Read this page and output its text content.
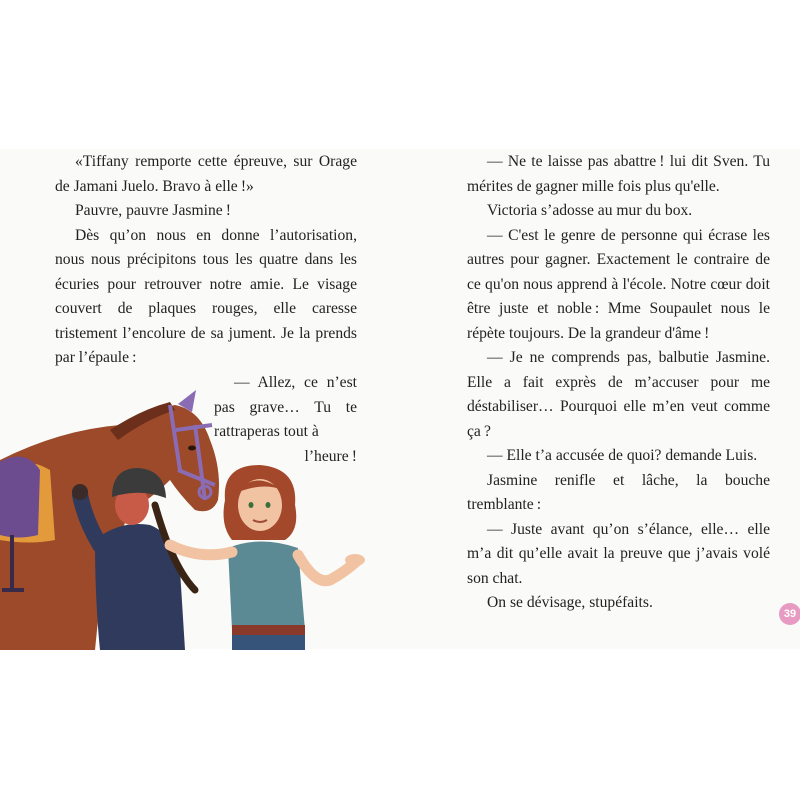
«Tiffany remporte cette épreuve, sur Orage de Jamani Juelo. Bravo à elle !»

Pauvre, pauvre Jasmine !

Dès qu’on nous en donne l’autorisation, nous nous précipitons tous les quatre dans les écuries pour retrouver notre amie. Le visage couvert de plaques rouges, elle caresse tristement l’encolure de sa jument. Je la prends par l’épaule :

— Allez, ce n’est pas grave… Tu te rattraperas tout à
l’heure !

— Ne te laisse pas abattre ! lui dit Sven. Tu mérites de gagner mille fois plus qu'elle.

Victoria s’adosse au mur du box.

— C'est le genre de personne qui écrase les autres pour gagner. Exactement le contraire de ce qu'on nous apprend à l'école. Notre cœur doit être juste et noble : Mme Soupaulet nous le répète toujours. De la grandeur d'âme !

— Je ne comprends pas, balbutie Jasmine. Elle a fait exprès de m’accuser pour me déstabiliser… Pourquoi elle m’en veut comme ça ?

— Elle t’a accusée de quoi? demande Luis.

Jasmine renifle et lâche, la bouche tremblante :

— Juste avant qu’on s’élance, elle… elle m’a dit qu’elle avait la preuve que j’avais volé son chat.

On se dévisage, stupéfaits.

39
